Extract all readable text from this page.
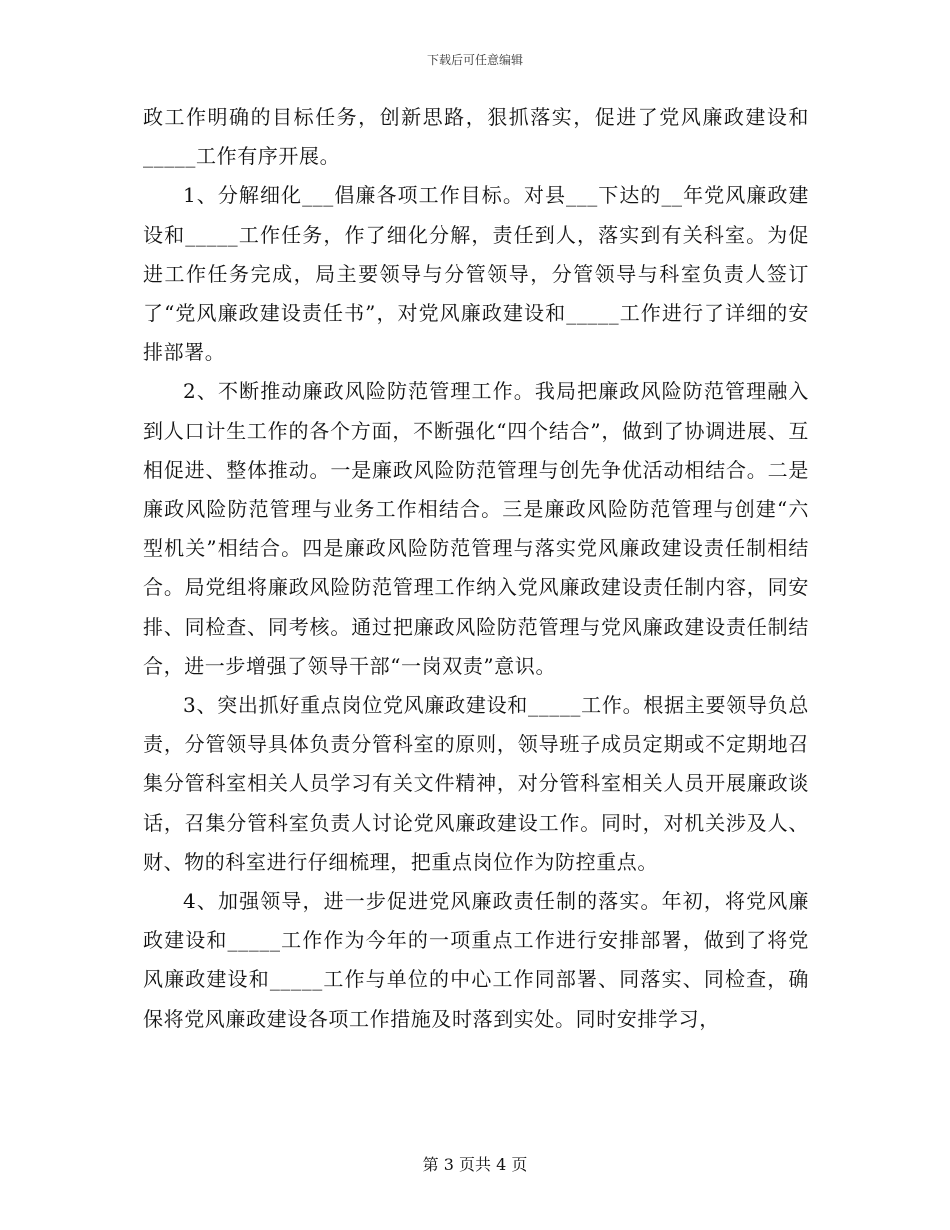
下载后可任意编辑

政工作明确的目标任务，创新思路，狠抓落实，促进了党风廉政建设和_____工作有序开展。

1、分解细化___倡廉各项工作目标。对县___下达的__年党风廉政建设和_____工作任务，作了细化分解，责任到人，落实到有关科室。为促进工作任务完成，局主要领导与分管领导，分管领导与科室负责人签订了“党风廉政建设责任书”，对党风廉政建设和_____工作进行了详细的安排部署。

2、不断推动廉政风险防范管理工作。我局把廉政风险防范管理融入到人口计生工作的各个方面，不断强化“四个结合”，做到了协调进展、互相促进、整体推动。一是廉政风险防范管理与创先争优活动相结合。二是廉政风险防范管理与业务工作相结合。三是廉政风险防范管理与创建“六型机关”相结合。四是廉政风险防范管理与落实党风廉政建设责任制相结合。局党组将廉政风险防范管理工作纳入党风廉政建设责任制内容，同安排、同检查、同考核。通过把廉政风险防范管理与党风廉政建设责任制结合，进一步增强了领导干部“一岗双责”意识。

3、突出抓好重点岗位党风廉政建设和_____工作。根据主要领导负总责，分管领导具体负责分管科室的原则，领导班子成员定期或不定期地召集分管科室相关人员学习有关文件精神，对分管科室相关人员开展廉政谈话，召集分管科室负责人讨论党风廉政建设工作。同时，对机关涉及人、财、物的科室进行仔细梳理，把重点岗位作为防控重点。

4、加强领导，进一步促进党风廉政责任制的落实。年初，将党风廉政建设和_____工作作为今年的一项重点工作进行安排部署，做到了将党风廉政建设和_____工作与单位的中心工作同部署、同落实、同检查，确保将党风廉政建设各项工作措施及时落到实处。同时安排学习，

第 3 页共 4 页
